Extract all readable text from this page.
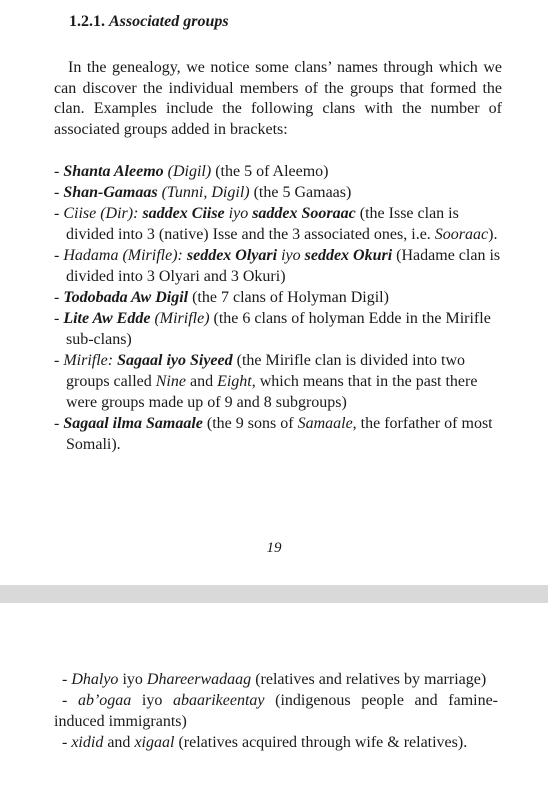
1.2.1. Associated groups

In the genealogy, we notice some clans’ names through which we can discover the individual members of the groups that formed the clan. Examples include the following clans with the number of associated groups added in brackets:

- Shanta Aleemo (Digil) (the 5 of Aleemo)
- Shan-Gamaas (Tunni, Digil) (the 5 Gamaas)
- Ciise (Dir): saddex Ciise iyo saddex Sooraac (the Isse clan is divided into 3 (native) Isse and the 3 associated ones, i.e. Sooraac).
- Hadama (Mirifle): seddex Olyari iyo seddex Okuri (Hadame clan is divided into 3 Olyari and 3 Okuri)
- Todobada Aw Digil (the 7 clans of Holyman Digil)
- Lite Aw Edde (Mirifle) (the 6 clans of holyman Edde in the Mirifle sub-clans)
- Mirifle: Sagaal iyo Siyeed (the Mirifle clan is divided into two groups called Nine and Eight, which means that in the past there were groups made up of 9 and 8 subgroups)
- Sagaal ilma Samaale (the 9 sons of Samaale, the forfather of most Somali).
19
- Dhalyo iyo Dhareerwadaag (relatives and relatives by marriage)
- ab’ogaa iyo abaarikeentay (indigenous people and famine-induced immigrants)
- xidid and xigaal (relatives acquired through wife & relatives).
